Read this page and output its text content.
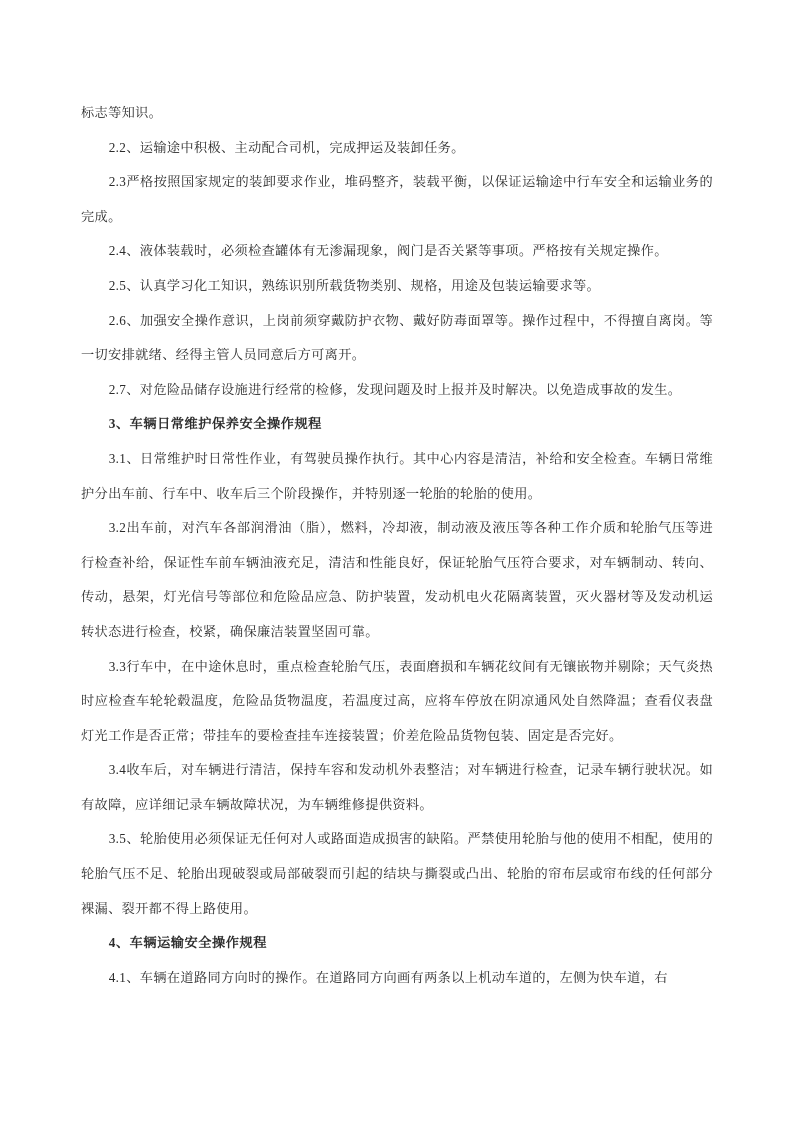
标志等知识。

2.2、运输途中积极、主动配合司机，完成押运及装卸任务。

2.3严格按照国家规定的装卸要求作业，堆码整齐，装载平衡，以保证运输途中行车安全和运输业务的完成。

2.4、液体装载时，必须检查罐体有无渗漏现象，阀门是否关紧等事项。严格按有关规定操作。

2.5、认真学习化工知识，熟练识别所载货物类别、规格，用途及包装运输要求等。

2.6、加强安全操作意识，上岗前须穿戴防护衣物、戴好防毒面罩等。操作过程中，不得擅自离岗。等一切安排就绪、经得主管人员同意后方可离开。

2.7、对危险品储存设施进行经常的检修，发现问题及时上报并及时解决。以免造成事故的发生。

3、车辆日常维护保养安全操作规程

3.1、日常维护时日常性作业，有驾驶员操作执行。其中心内容是清洁，补给和安全检查。车辆日常维护分出车前、行车中、收车后三个阶段操作，并特别逐一轮胎的轮胎的使用。

3.2出车前，对汽车各部润滑油（脂），燃料，冷却液，制动液及液压等各种工作介质和轮胎气压等进行检查补给，保证性车前车辆油液充足，清洁和性能良好，保证轮胎气压符合要求，对车辆制动、转向、传动，悬架，灯光信号等部位和危险品应急、防护装置，发动机电火花隔离装置，灭火器材等及发动机运转状态进行检查，校紧，确保廉洁装置坚固可靠。

3.3行车中，在中途休息时，重点检查轮胎气压，表面磨损和车辆花纹间有无镶嵌物并剔除；天气炎热时应检查车轮轮毂温度，危险品货物温度，若温度过高，应将车停放在阴凉通风处自然降温；查看仪表盘灯光工作是否正常；带挂车的要检查挂车连接装置；价差危险品货物包装、固定是否完好。

3.4收车后，对车辆进行清洁，保持车容和发动机外表整洁；对车辆进行检查，记录车辆行驶状况。如有故障，应详细记录车辆故障状况，为车辆维修提供资料。

3.5、轮胎使用必须保证无任何对人或路面造成损害的缺陷。严禁使用轮胎与他的使用不相配，使用的轮胎气压不足、轮胎出现破裂或局部破裂而引起的结块与撕裂或凸出、轮胎的帘布层或帘布线的任何部分裸漏、裂开都不得上路使用。

4、车辆运输安全操作规程

4.1、车辆在道路同方向时的操作。在道路同方向画有两条以上机动车道的，左侧为快车道，右
